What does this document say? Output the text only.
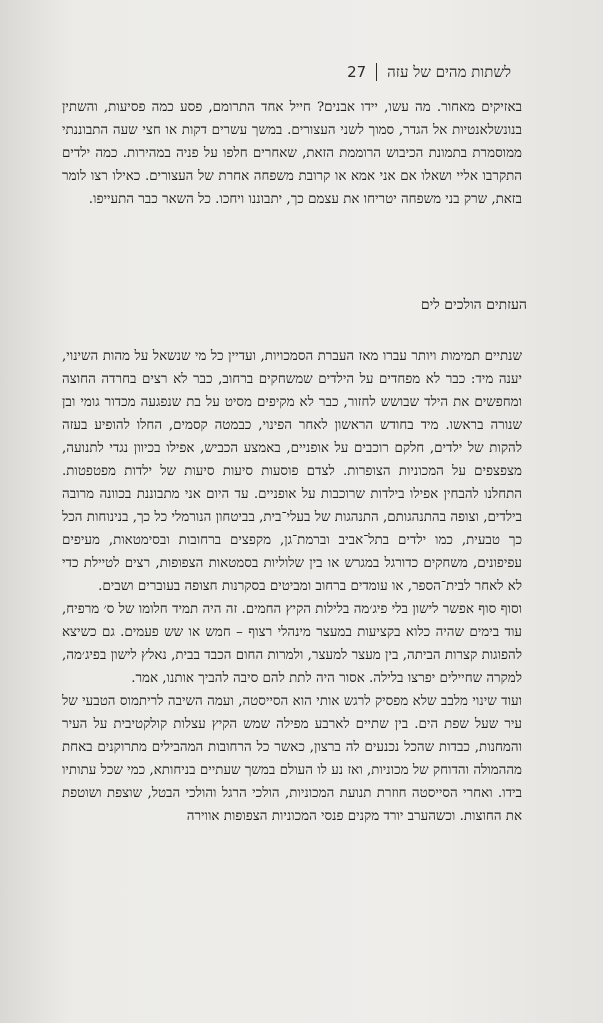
27 לשתות מהים של עזה

באזיקים מאחור. מה עשו, יידו אבנים? חייל אחד התרומם, פסע כמה פסיעות, והשתין בנונשלאנטיות אל הגדר, סמוך לשני העצורים. במשך עשרים דקות או חצי שעה התבוננתי ממוסמרת בתמונת הכיבוש הרוממת הזאת, שאחרים חלפו על פניה במהירות. כמה ילדים התקרבו אליי ושאלו אם אני אמא או קרובת משפחה אחרת של העצורים. כאילו רצו לומר בזאת, שרק בני משפחה יטריחו את עצמם כך, יתבוננו ויחכו. כל השאר כבר התעייפו.

העזתים הולכים לים

שנתיים תמימות ויותר עברו מאז העברת הסמכויות, ועדיין כל מי שנשאל על מהות השינוי, יענה מיד: כבר לא מפחדים על הילדים שמשחקים ברחוב, כבר לא רצים בחרדה החוצה ומחפשים את הילד שבושש לחזור, כבר לא מקיפים מסיט על בת שנפגעה מכדור גומי ובן שנורה בראשו. מיד בחודש הראשון לאחר הפינוי, כבמטה קסמים, החלו להופיע בעזה להקות של ילדים, חלקם רוכבים על אופניים, באמצע הכביש, אפילו בכיוון נגדי לתנועה, מצפצפים על המכוניות הצופרות. לצדם פוסעות סיעות סיעות של ילדות מפטפטות. התחלנו להבחין אפילו בילדות שרוכבות על אופניים. עד היום אני מתבוננת בכוונה מרובה בילדים, וצופה בהתנהגותם, התנהגות של בעלי־בית, בביטחון הנורמלי כל כך, בנינוחות הכל כך טבעית, כמו ילדים בתל־אביב וברמת־גן, מקפצים ברחובות ובסימטאות, מעיפים עפיפונים, משחקים כדורגל במגרש או בין שלוליות בסמטאות הצפופות, רצים לטיילת כדי לא לאחר לבית־הספר, או עומדים ברחוב ומביטים בסקרנות חצופה בעוברים ושבים.

וסוף סוף אפשר לישון בלי פיג׳מה בלילות הקיץ החמים. זה היה תמיד חלומו של ס׳ מרפיח, עוד בימים שהיה כלוא בקציעות במעצר מינהלי רצוף – חמש או שש פעמים. גם כשיצא להפוגות קצרות הביתה, בין מעצר למעצר, ולמרות החום הכבד בבית, נאלץ לישון בפיג׳מה, למקרה שחיילים יפרצו בלילה. אסור היה לתת להם סיבה להביך אותנו, אמר.

ועוד שינוי מלבב שלא מפסיק לרגש אותי הוא הסייסטה, ועמה השיבה לריתמוס הטבעי של עיר שעל שפת הים. בין שתיים לארבע מפילה שמש הקיץ עצלות קולקטיבית על העיר והמחנות, כבדות שהכל נכנעים לה ברצון, כאשר כל הרחובות המהבילים מתרוקנים באחת מההמולה והדוחק של מכוניות, ואז נע לו העולם במשך שעתיים בניחותא, כמי שכל עתותיו בידו. ואחרי הסייסטה חוזרת תנועת המכוניות, הולכי הרגל והולכי הבטל, שוצפת ושוטפת את החוצות. וכשהערב יורד מקנים פנסי המכוניות הצפופות אווירה
